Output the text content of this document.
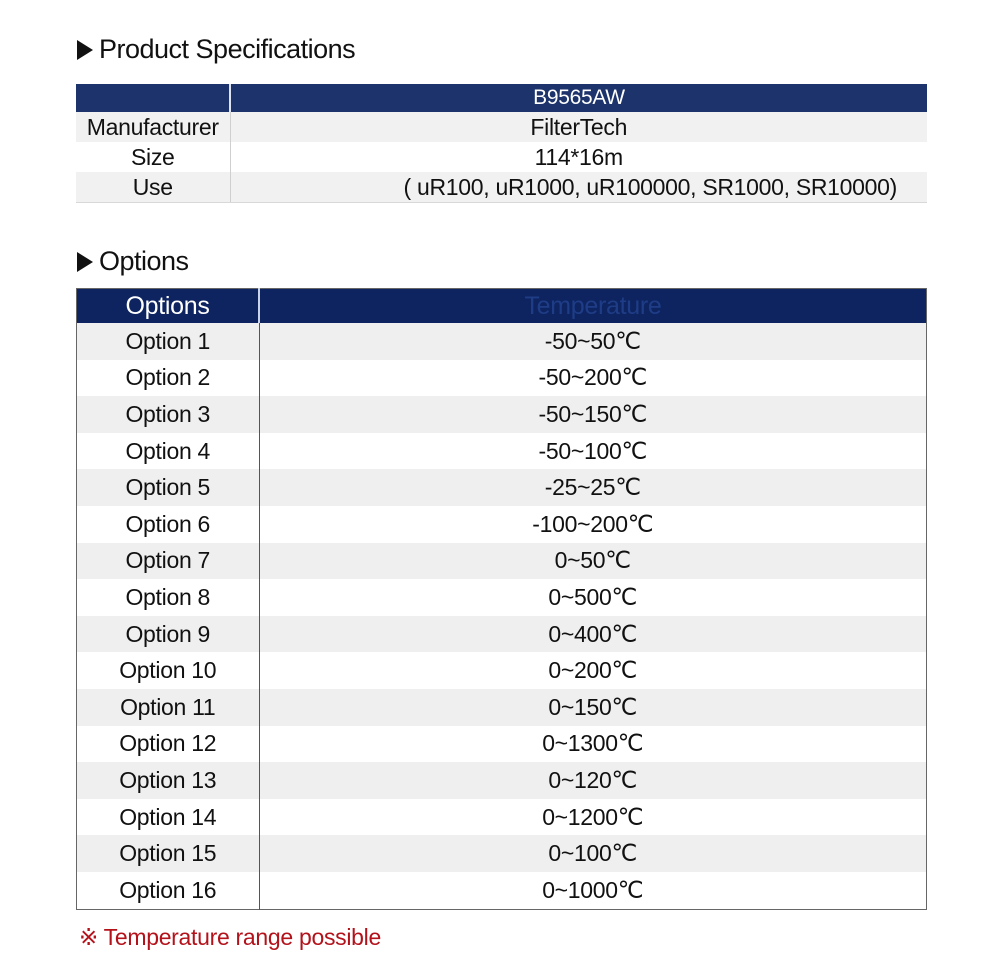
Product Specifications
	B9565AW
Manufacturer	FilterTech
Size	114*16m
Use	( uR100, uR1000, uR100000, SR1000, SR10000)
Options
Options	Temperature
Option 1	-50~50℃
Option 2	-50~200℃
Option 3	-50~150℃
Option 4	-50~100℃
Option 5	-25~25℃
Option 6	-100~200℃
Option 7	0~50℃
Option 8	0~500℃
Option 9	0~400℃
Option 10	0~200℃
Option 11	0~150℃
Option 12	0~1300℃
Option 13	0~120℃
Option 14	0~1200℃
Option 15	0~100℃
Option 16	0~1000℃
※ Temperature range possible
